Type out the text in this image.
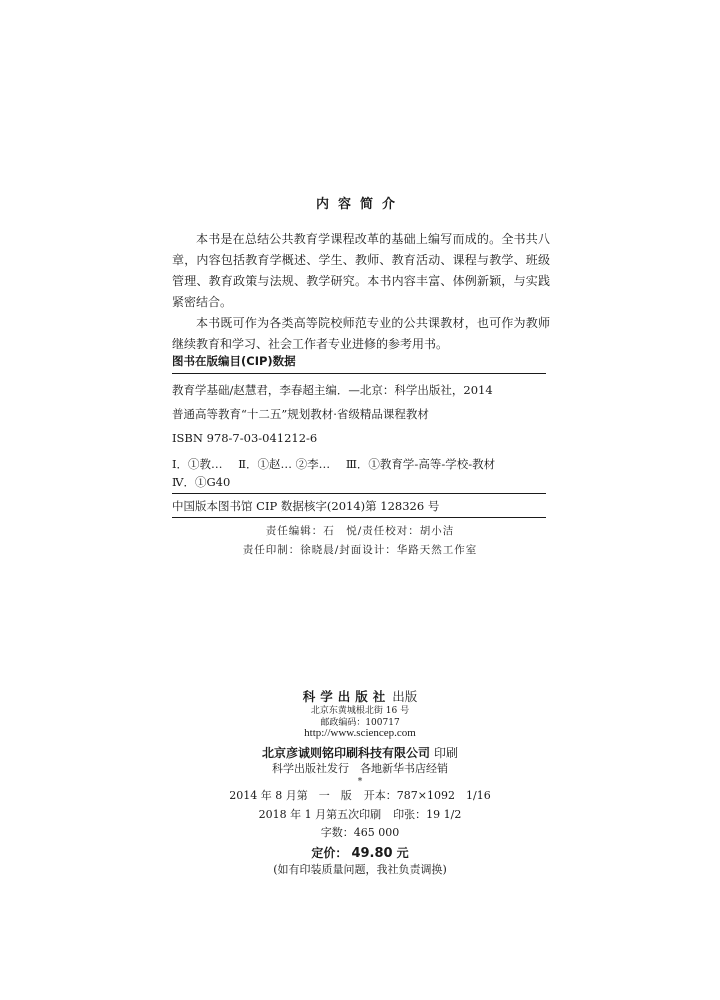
内容简介

本书是在总结公共教育学课程改革的基础上编写而成的。全书共八章，内容包括教育学概述、学生、教师、教育活动、课程与教学、班级管理、教育政策与法规、教学研究。本书内容丰富、体例新颖，与实践紧密结合。

本书既可作为各类高等院校师范专业的公共课教材，也可作为教师继续教育和学习、社会工作者专业进修的参考用书。

图书在版编目(CIP)数据
教育学基础/赵慧君，李春超主编．—北京：科学出版社，2014
普通高等教育“十二五”规划教材·省级精品课程教材
ISBN 978-7-03-041212-6
Ⅰ．①教… Ⅱ．①赵… ②李… Ⅲ．①教育学-高等-学校-教材
Ⅳ．①G40
中国版本图书馆 CIP 数据核字(2014)第 128326 号
责任编辑：石　悦/责任校对：胡小洁
责任印制：徐晓晨/封面设计：华路天然工作室
科学出版社 出版
北京东黄城根北街 16 号
邮政编码：100717
http://www.sciencep.com
北京彦诚则铭印刷科技有限公司 印刷
科学出版社发行　各地新华书店经销
*
2014 年 8 月第　一　版 开本：787×1092　1/16
2018 年 1 月第五次印刷 印张：19 1/2
字数：465 000
定价： 49.80 元
(如有印装质量问题，我社负责调换)
